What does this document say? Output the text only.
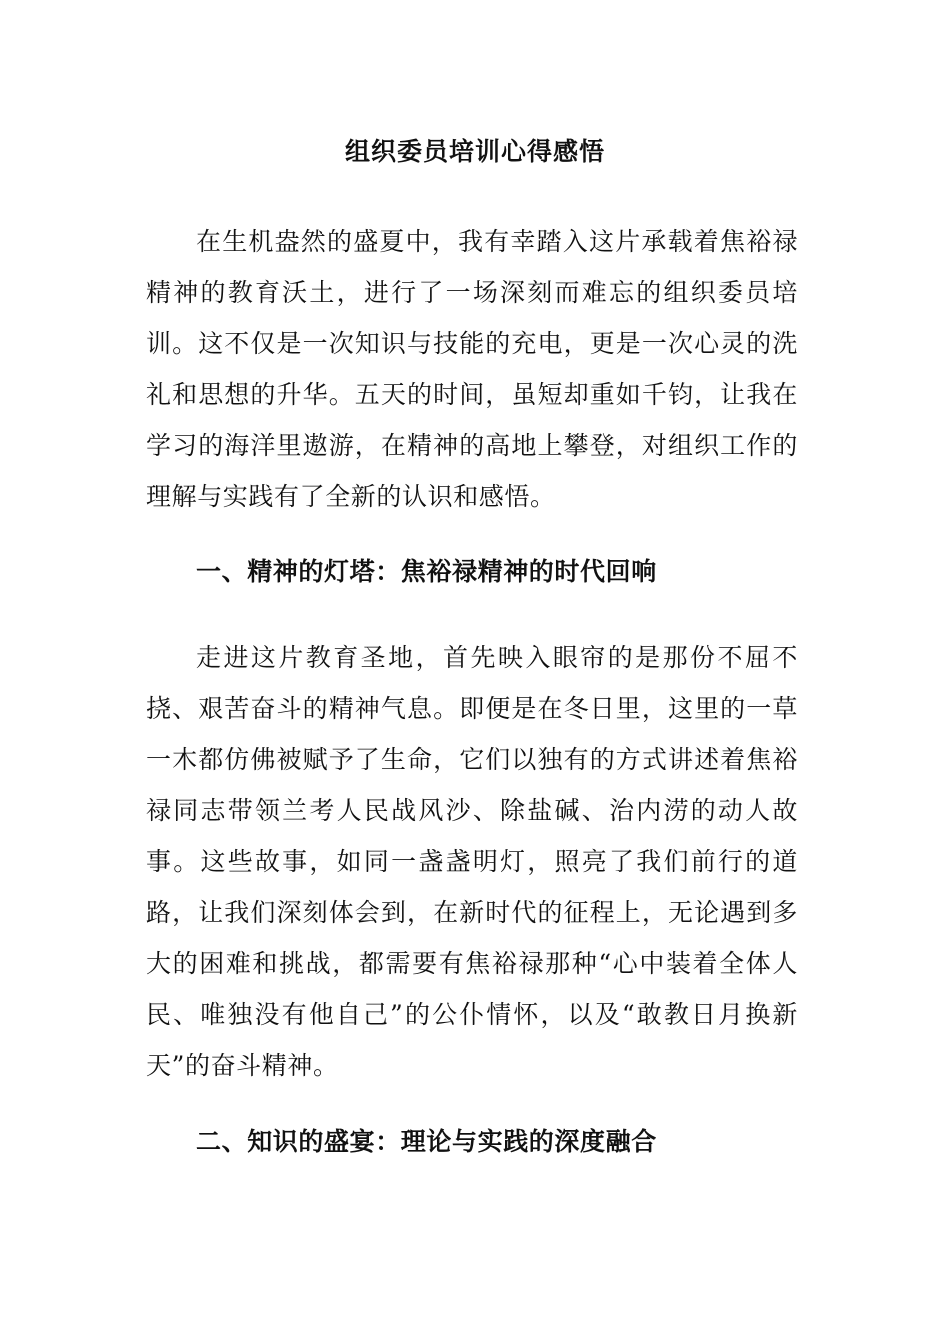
组织委员培训心得感悟

在生机盎然的盛夏中，我有幸踏入这片承载着焦裕禄精神的教育沃土，进行了一场深刻而难忘的组织委员培训。这不仅是一次知识与技能的充电，更是一次心灵的洗礼和思想的升华。五天的时间，虽短却重如千钧，让我在学习的海洋里遨游，在精神的高地上攀登，对组织工作的理解与实践有了全新的认识和感悟。

一、精神的灯塔：焦裕禄精神的时代回响

走进这片教育圣地，首先映入眼帘的是那份不屈不挠、艰苦奋斗的精神气息。即便是在冬日里，这里的一草一木都仿佛被赋予了生命，它们以独有的方式讲述着焦裕禄同志带领兰考人民战风沙、除盐碱、治内涝的动人故事。这些故事，如同一盏盏明灯，照亮了我们前行的道路，让我们深刻体会到，在新时代的征程上，无论遇到多大的困难和挑战，都需要有焦裕禄那种“心中装着全体人民、唯独没有他自己”的公仆情怀，以及“敢教日月换新天”的奋斗精神。

二、知识的盛宴：理论与实践的深度融合
